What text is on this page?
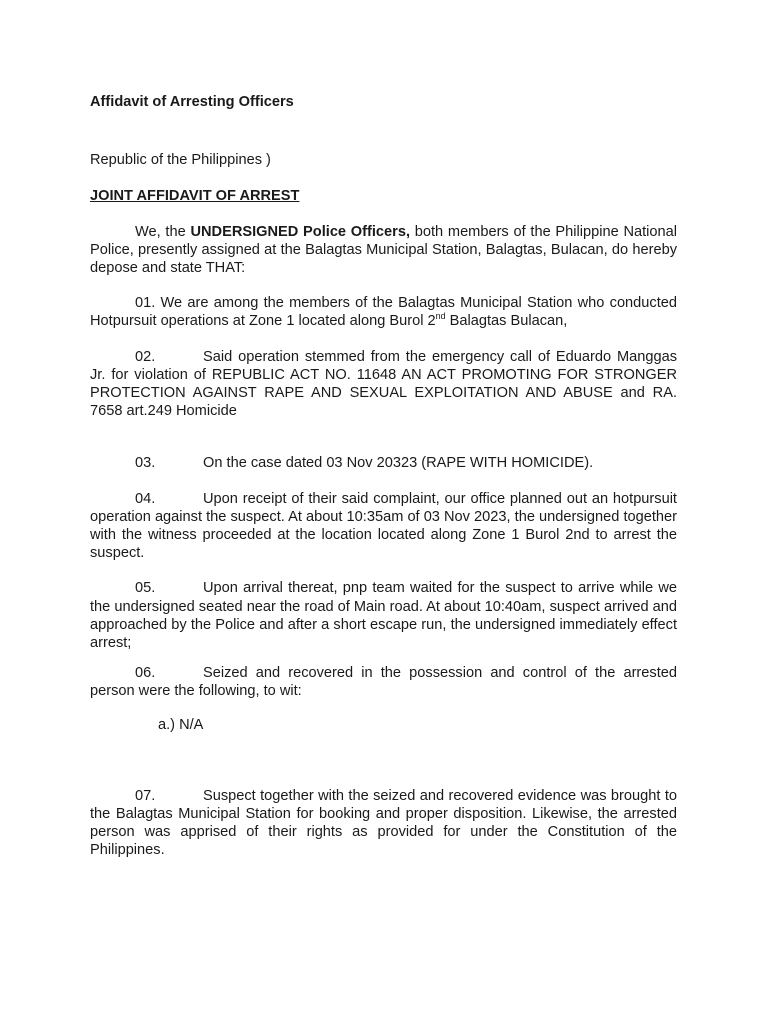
Affidavit of Arresting Officers

Republic of the Philippines )

JOINT AFFIDAVIT OF ARREST

We, the UNDERSIGNED Police Officers, both members of the Philippine National Police, presently assigned at the Balagtas Municipal Station, Balagtas, Bulacan, do hereby depose and state THAT:

01. We are among the members of the Balagtas Municipal Station who conducted Hotpursuit operations at Zone 1 located along Burol 2nd Balagtas Bulacan,

02.	Said operation stemmed from the emergency call of Eduardo Manggas Jr. for violation of REPUBLIC ACT NO. 11648 AN ACT PROMOTING FOR STRONGER PROTECTION AGAINST RAPE AND SEXUAL EXPLOITATION AND ABUSE and RA. 7658 art.249 Homicide

03.	On the case dated 03 Nov 20323 (RAPE WITH HOMICIDE).

04.	Upon receipt of their said complaint, our office planned out an hotpursuit operation against the suspect. At about 10:35am of 03 Nov 2023, the undersigned together with the witness proceeded at the location located along Zone 1 Burol 2nd to arrest the suspect.

05.	Upon arrival thereat, pnp team waited for the suspect to arrive while we the undersigned seated near the road of Main road. At about 10:40am, suspect arrived and approached by the Police and after a short escape run, the undersigned immediately effect arrest;

06.	Seized and recovered in the possession and control of the arrested person were the following, to wit:

a.) N/A

07.	Suspect together with the seized and recovered evidence was brought to the Balagtas Municipal Station for booking and proper disposition. Likewise, the arrested person was apprised of their rights as provided for under the Constitution of the Philippines.
